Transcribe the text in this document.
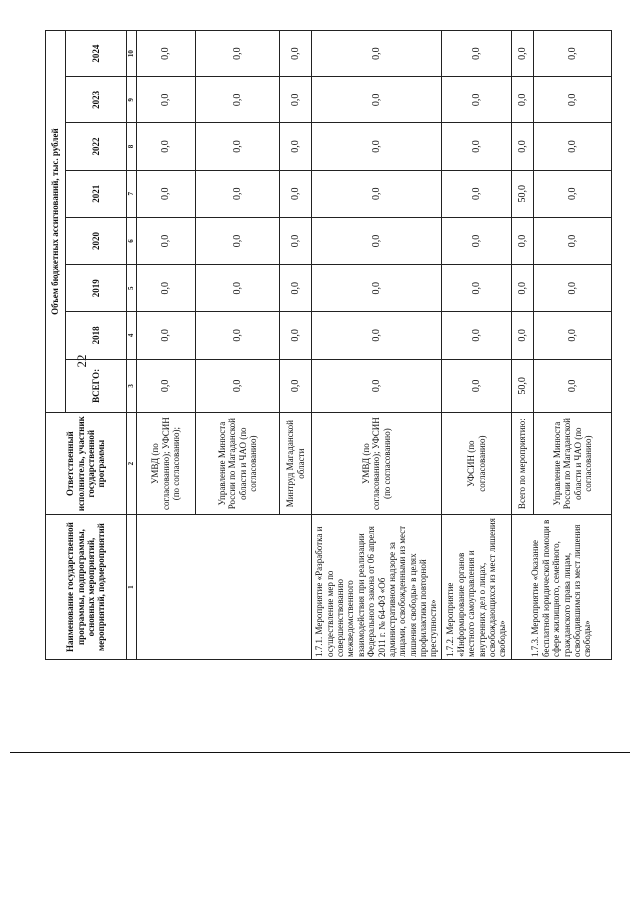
22
Наименование государственной программы, подпрограммы, основных мероприятий, мероприятий, подмероприятий	Ответственный исполнитель, участник государственной программы	Объем бюджетных ассигнований, тыс. рублей							
		ВСЕГО:	2018	2019	2020	2021	2022	2023	2024
1	2	3	4	5	6	7	8	9	10
	УМВД (по согласованию); УФСИН (по согласованию);	0,0	0,0	0,0	0,0	0,0	0,0	0,0	0,0
	Управление Минюста России по Магаданской области и ЧАО (по согласованию)	0,0	0,0	0,0	0,0	0,0	0,0	0,0	0,0
	Минтруд Магаданской области	0,0	0,0	0,0	0,0	0,0	0,0	0,0	0,0
1.7.1. Мероприятие «Разработка и осуществление мер по совершенствованию межведомственного взаимодействия при реализации Федерального закона от 06 апреля 2011 г. № 64-ФЗ «Об административном надзоре за лицами, освобожденными из мест лишения свободы» в целях профилактики повторной преступности»	УМВД (по согласованию); УФСИН (по согласованию)	0,0	0,0	0,0	0,0	0,0	0,0	0,0	0,0
1.7.2. Мероприятие «Информирование органов местного самоуправления и внутренних дел о лицах, освобождающихся из мест лишения свободы»	УФСИН (по согласованию)	0,0	0,0	0,0	0,0	0,0	0,0	0,0	0,0
1.7.3. Мероприятие «Оказание бесплатной юридической помощи в сфере жилищного, семейного, гражданского права лицам, освободившимся из мест лишения свободы»	Всего по мероприятию:	50,0	0,0	0,0	0,0	50,0	0,0	0,0	0,0
	Управление Минюста России по Магаданской области и ЧАО (по согласованию)	0,0	0,0	0,0	0,0	0,0	0,0	0,0	0,0
